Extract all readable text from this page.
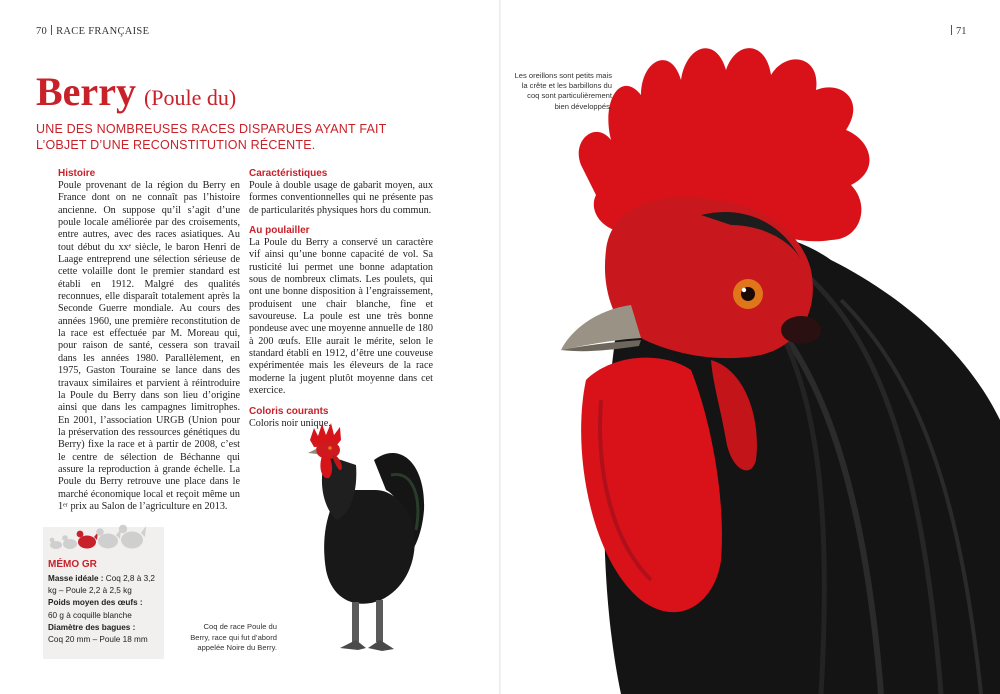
70 RACE FRANÇAISE	71
Berry (Poule du)
UNE DES NOMBREUSES RACES DISPARUES AYANT FAIT L’OBJET D’UNE RECONSTITUTION RÉCENTE.

Histoire

Poule provenant de la région du Berry en France dont on ne connaît pas l’histoire ancienne. On suppose qu’il s’agit d’une poule locale améliorée par des croisements, entre autres, avec des races asiatiques. Au tout début du xxᵉ siècle, le baron Henri de Laage entreprend une sélection sérieuse de cette volaille dont le premier standard est établi en 1912. Malgré des qualités reconnues, elle disparaît totalement après la Seconde Guerre mondiale. Au cours des années 1960, une première reconstitution de la race est effectuée par M. Moreau qui, pour raison de santé, cessera son travail dans les années 1980. Parallèlement, en 1975, Gaston Touraine se lance dans des travaux similaires et parvient à réintroduire la Poule du Berry dans son lieu d’origine ainsi que dans les campagnes limitrophes. En 2001, l’association URGB (Union pour la préservation des ressources génétiques du Berry) fixe la race et à partir de 2008, c’est le centre de sélection de Béchanne qui assure la reproduction à grande échelle. La Poule du Berry retrouve une place dans le marché économique local et reçoit même un 1ᵉʳ prix au Salon de l’agriculture en 2013.

Caractéristiques

Poule à double usage de gabarit moyen, aux formes conventionnelles qui ne présente pas de particularités physiques hors du commun.

Au poulailler

La Poule du Berry a conservé un caractère vif ainsi qu’une bonne capacité de vol. Sa rusticité lui permet une bonne adaptation sous de nombreux climats. Les poulets, qui ont une bonne disposition à l’engraissement, produisent une chair blanche, fine et savoureuse. La poule est une très bonne pondeuse avec une moyenne annuelle de 180 à 200 œufs. Elle aurait le mérite, selon le standard établi en 1912, d’être une couveuse expérimentée mais les éleveurs de la race moderne la jugent plutôt moyenne dans cet exercice.

Coloris courants

Coloris noir unique.

MÉMO GR
Masse idéale : Coq 2,8 à 3,2 kg – Poule 2,2 à 2,5 kg
Poids moyen des œufs :
60 g à coquille blanche
Diamètre des bagues :
Coq 20 mm – Poule 18 mm
Coq de race Poule du Berry, race qui fut d’abord appelée Noire du Berry.
Les oreillons sont petits mais la crête et les barbillons du coq sont particulièrement bien développés.
